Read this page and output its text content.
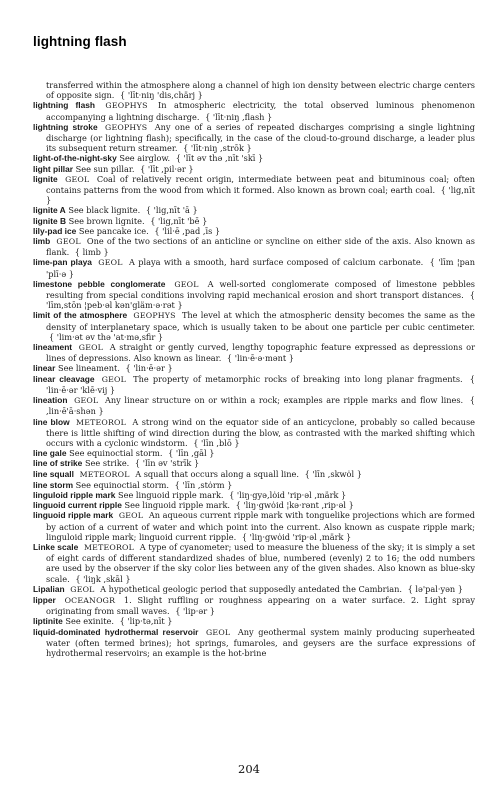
lightning flash

transferred within the atmosphere along a channel of high ion density between electric charge centers of opposite sign. { 'līt·niŋ 'dis,chärj }

lightning flash GEOPHYS In atmospheric electricity, the total observed luminous phenomenon accompanying a lightning discharge. { 'līt·niŋ ,flash }

lightning stroke GEOPHYS Any one of a series of repeated discharges comprising a single lightning discharge (or lightning flash); specifically, in the case of the cloud-to-ground discharge, a leader plus its subsequent return streamer. { 'līt·niŋ ,strōk }

light-of-the-night-sky See airglow. { 'līt əv thə ,nīt 'skī }

light pillar See sun pillar. { 'līt ,pil·ər }

lignite GEOL Coal of relatively recent origin, intermediate between peat and bituminous coal; often contains patterns from the wood from which it formed. Also known as brown coal; earth coal. { 'lig,nīt }

lignite A See black lignite. { 'lig,nīt 'ā }

lignite B See brown lignite. { 'lig,nīt 'bē }

lily-pad ice See pancake ice. { 'lil·ē ,pad ,īs }

limb GEOL One of the two sections of an anticline or syncline on either side of the axis. Also known as flank. { limb }

lime-pan playa GEOL A playa with a smooth, hard surface composed of calcium carbonate. { 'līm ¦pan 'plī·ə }

limestone pebble conglomerate GEOL A well-sorted conglomerate composed of limestone pebbles resulting from special conditions involving rapid mechanical erosion and short transport distances. { 'līm,stōn ¦peb·əl kən'gläm·ə·rət }

limit of the atmosphere GEOPHYS The level at which the atmospheric density becomes the same as the density of interplanetary space, which is usually taken to be about one particle per cubic centimeter. { 'lim·ət əv thə 'at·mə,sfir }

lineament GEOL A straight or gently curved, lengthy topographic feature expressed as depressions or lines of depressions. Also known as linear. { 'lin·ē·ə·mənt }

linear See lineament. { 'lin·ē·ər }

linear cleavage GEOL The property of metamorphic rocks of breaking into long planar fragments. { 'lin·ē·ər 'klē·vij }

lineation GEOL Any linear structure on or within a rock; examples are ripple marks and flow lines. { ,lin·ē'ā·shən }

line blow METEOROL A strong wind on the equator side of an anticyclone, probably so called because there is little shifting of wind direction during the blow, as contrasted with the marked shifting which occurs with a cyclonic windstorm. { 'līn ,blō }

line gale See equinoctial storm. { 'līn ,gāl }

line of strike See strike. { 'līn əv 'strīk }

line squall METEOROL A squall that occurs along a squall line. { 'līn ,skwȯl }

line storm See equinoctial storm. { 'līn ,stȯrm }

linguloid ripple mark See linguoid ripple mark. { 'liŋ·gyə,lȯid 'rip·əl ,märk }

linguoid current ripple See linguoid ripple mark. { 'liŋ·gwȯid ¦kə·rənt ,rip·əl }

linguoid ripple mark GEOL An aqueous current ripple mark with tonguelike projections which are formed by action of a current of water and which point into the current. Also known as cuspate ripple mark; linguloid ripple mark; linguoid current ripple. { 'liŋ·gwȯid 'rip·əl ,märk }

Linke scale METEOROL A type of cyanometer; used to measure the blueness of the sky; it is simply a set of eight cards of different standardized shades of blue, numbered (evenly) 2 to 16; the odd numbers are used by the observer if the sky color lies between any of the given shades. Also known as blue-sky scale. { 'liŋk ,skāl }

Lipalian GEOL A hypothetical geologic period that supposedly antedated the Cambrian. { lə'pal·yən }

lipper OCEANOGR 1. Slight ruffling or roughness appearing on a water surface. 2. Light spray originating from small waves. { 'lip·ər }

liptinite See exinite. { 'lip·tə,nīt }

liquid-dominated hydrothermal reservoir GEOL Any geothermal system mainly producing superheated water (often termed brines); hot springs, fumaroles, and geysers are the surface expressions of hydrothermal reservoirs; an example is the hot-brine

204
